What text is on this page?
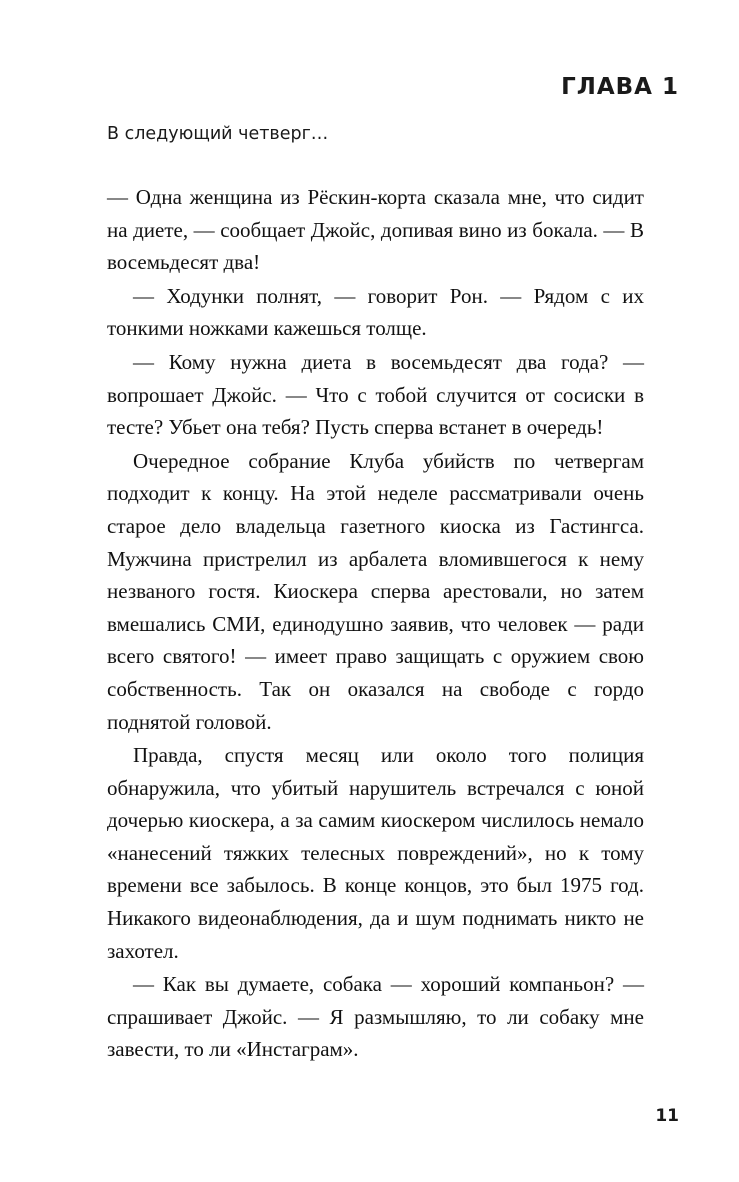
ГЛАВА 1
В следующий четверг…

— Одна женщина из Рёскин-корта сказала мне, что сидит на диете, — сообщает Джойс, допивая вино из бокала. — В восемьдесят два!

— Ходунки полнят, — говорит Рон. — Рядом с их тонкими ножками кажешься толще.

— Кому нужна диета в восемьдесят два года? — вопрошает Джойс. — Что с тобой случится от сосиски в тесте? Убьет она тебя? Пусть сперва встанет в очередь!

Очередное собрание Клуба убийств по четвергам подходит к концу. На этой неделе рассматривали очень старое дело владельца газетного киоска из Гастингса. Мужчина пристрелил из арбалета вломившегося к нему незваного гостя. Киоскера сперва арестовали, но затем вмешались СМИ, единодушно заявив, что человек — ради всего святого! — имеет право защищать с оружием свою собственность. Так он оказался на свободе с гордо поднятой головой.

Правда, спустя месяц или около того полиция обнаружила, что убитый нарушитель встречался с юной дочерью киоскера, а за самим киоскером числилось немало «нанесений тяжких телесных повреждений», но к тому времени все забылось. В конце концов, это был 1975 год. Никакого видеонаблюдения, да и шум поднимать никто не захотел.

— Как вы думаете, собака — хороший компаньон? — спрашивает Джойс. — Я размышляю, то ли собаку мне завести, то ли «Инстаграм».

11
